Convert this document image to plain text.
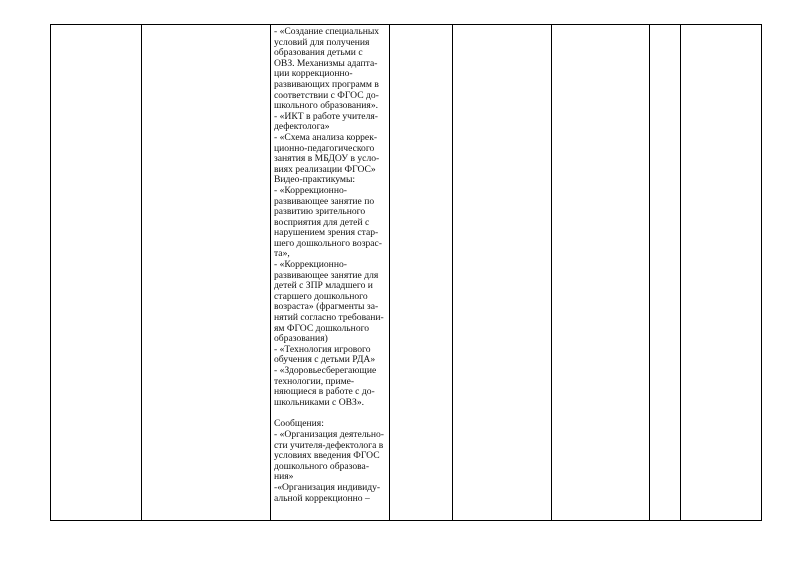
- «Создание специальных
условий для получения
образования детьми с
ОВЗ. Механизмы адапта-
ции коррекционно-
развивающих программ в
соответствии с ФГОС до-
школьного образования».
- «ИКТ в работе учителя-
дефектолога»
- «Схема анализа коррек-
ционно-педагогического
занятия в МБДОУ в усло-
виях реализации ФГОС»
Видео-практикумы:
- «Коррекционно-
развивающее занятие по
развитию зрительного
восприятия для детей с
нарушением зрения стар-
шего дошкольного возрас-
та»,
- «Коррекционно-
развивающее занятие для
детей с ЗПР младшего и
старшего дошкольного
возраста» (фрагменты за-
нятий согласно требовани-
ям ФГОС дошкольного
образования)
- «Технология игрового
обучения с детьми РДА»
- «Здоровьесберегающие
технологии, приме-
няющиеся в работе с до-
школьниками с ОВЗ».
Сообщения:
- «Организация деятельно-
сти учителя-дефектолога в
условиях введения ФГОС
дошкольного образова-
ния»
-«Организация индивиду-
альной коррекционно –
